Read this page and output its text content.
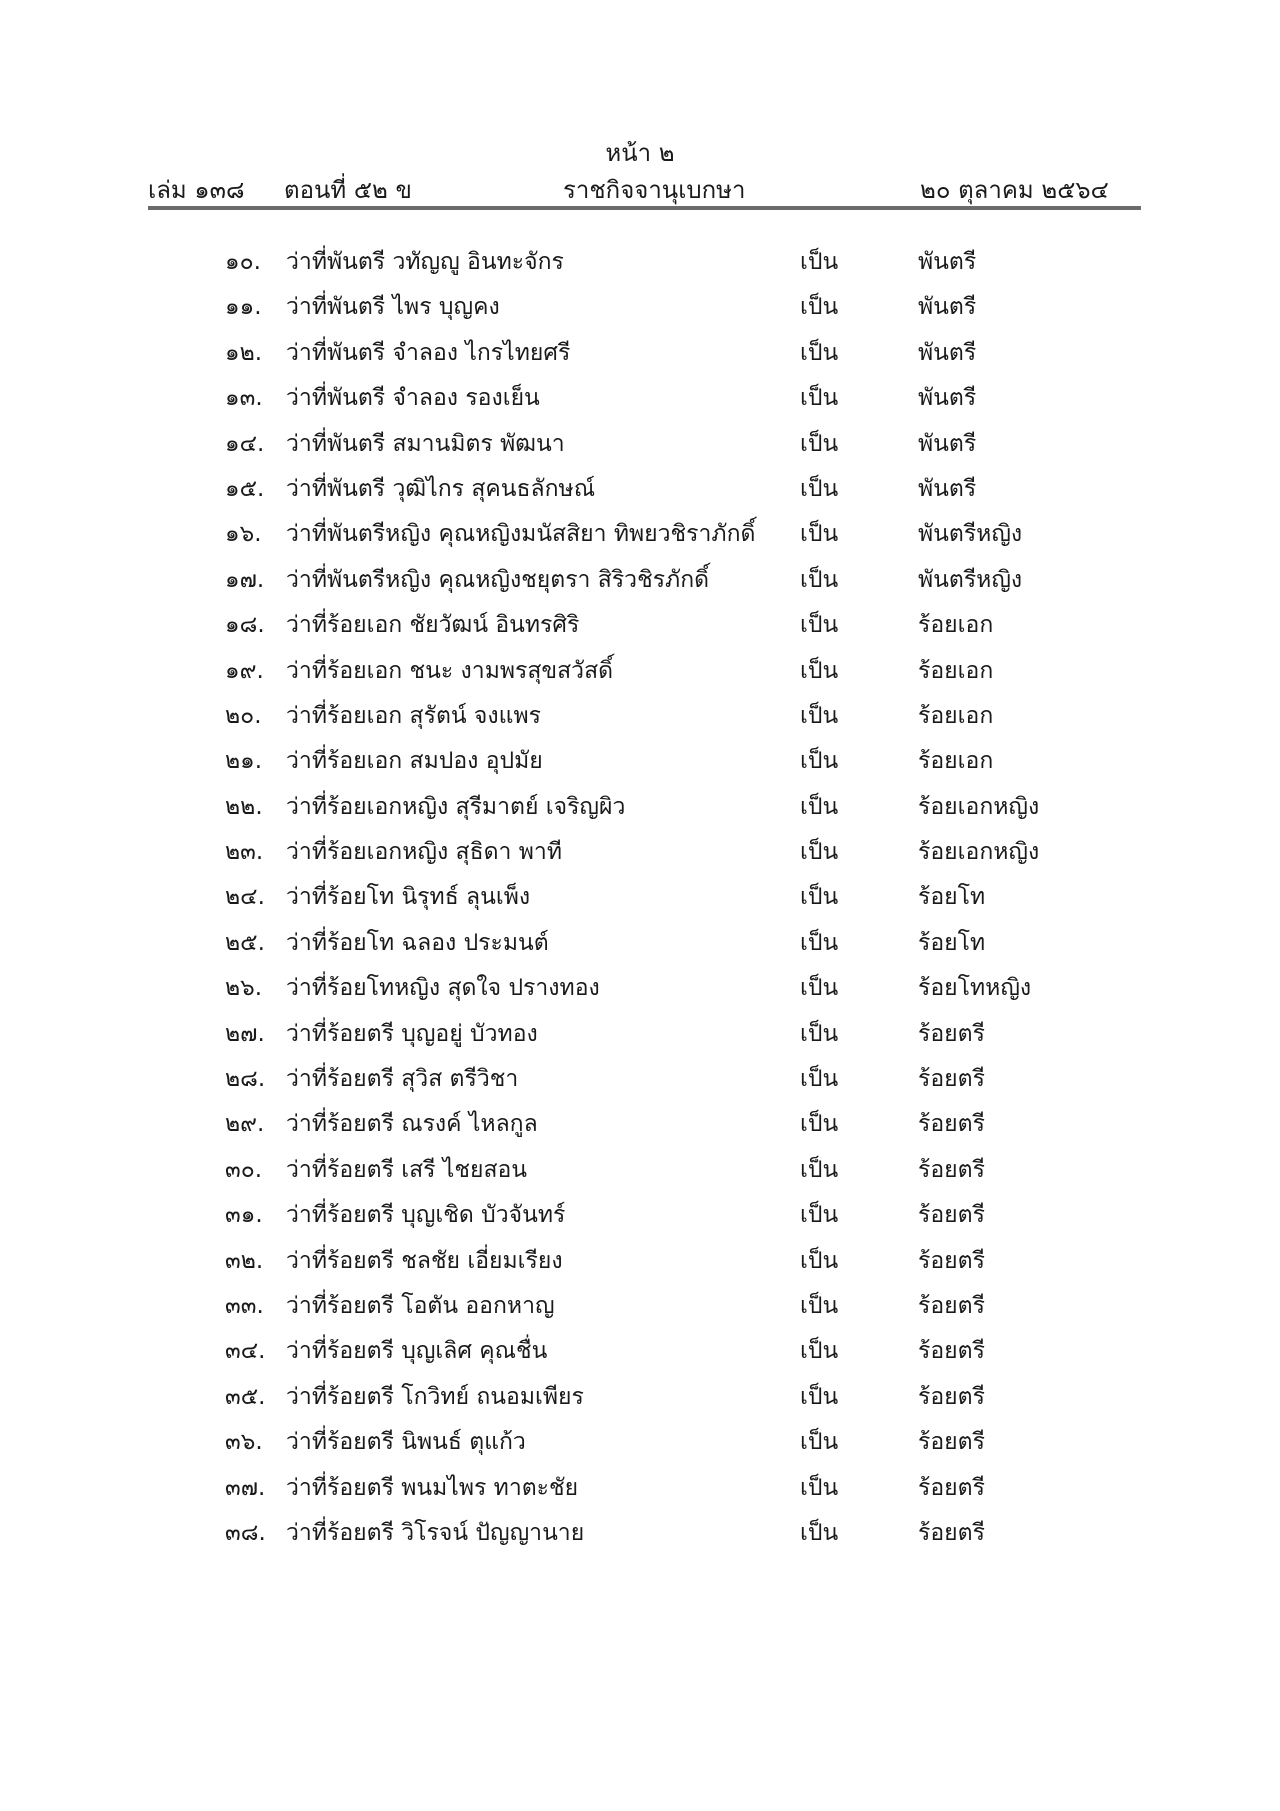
หน้า ๒
เล่ม ๑๓๘ ตอนที่ ๕๒ ข	ราชกิจจานุเบกษา	๒๐ ตุลาคม ๒๕๖๔
๑๐. ว่าที่พันตรี วทัญญู อินทะจักร	เป็น	พันตรี
๑๑. ว่าที่พันตรี ไพร บุญคง	เป็น	พันตรี
๑๒. ว่าที่พันตรี จำลอง ไกรไทยศรี	เป็น	พันตรี
๑๓. ว่าที่พันตรี จำลอง รองเย็น	เป็น	พันตรี
๑๔. ว่าที่พันตรี สมานมิตร พัฒนา	เป็น	พันตรี
๑๕. ว่าที่พันตรี วุฒิไกร สุคนธลักษณ์	เป็น	พันตรี
๑๖. ว่าที่พันตรีหญิง คุณหญิงมนัสสิยา ทิพยวชิราภักดิ์ เป็น	พันตรีหญิง
๑๗. ว่าที่พันตรีหญิง คุณหญิงชยุตรา สิริวชิรภักดิ์	เป็น	พันตรีหญิง
๑๘. ว่าที่ร้อยเอก ชัยวัฒน์ อินทรศิริ	เป็น	ร้อยเอก
๑๙. ว่าที่ร้อยเอก ชนะ งามพรสุขสวัสดิ์	เป็น	ร้อยเอก
๒๐. ว่าที่ร้อยเอก สุรัตน์ จงแพร	เป็น	ร้อยเอก
๒๑. ว่าที่ร้อยเอก สมปอง อุปมัย	เป็น	ร้อยเอก
๒๒. ว่าที่ร้อยเอกหญิง สุรีมาตย์ เจริญผิว	เป็น	ร้อยเอกหญิง
๒๓. ว่าที่ร้อยเอกหญิง สุธิดา พาที	เป็น	ร้อยเอกหญิง
๒๔. ว่าที่ร้อยโท นิรุทธ์ ลุนเพ็ง	เป็น	ร้อยโท
๒๕. ว่าที่ร้อยโท ฉลอง ประมนต์	เป็น	ร้อยโท
๒๖. ว่าที่ร้อยโทหญิง สุดใจ ปรางทอง	เป็น	ร้อยโทหญิง
๒๗. ว่าที่ร้อยตรี บุญอยู่ บัวทอง	เป็น	ร้อยตรี
๒๘. ว่าที่ร้อยตรี สุวิส ตรีวิชา	เป็น	ร้อยตรี
๒๙. ว่าที่ร้อยตรี ณรงค์ ไหลกูล	เป็น	ร้อยตรี
๓๐. ว่าที่ร้อยตรี เสรี ไชยสอน	เป็น	ร้อยตรี
๓๑. ว่าที่ร้อยตรี บุญเชิด บัวจันทร์	เป็น	ร้อยตรี
๓๒. ว่าที่ร้อยตรี ชลชัย เอี่ยมเรียง	เป็น	ร้อยตรี
๓๓. ว่าที่ร้อยตรี โอตัน ออกหาญ	เป็น	ร้อยตรี
๓๔. ว่าที่ร้อยตรี บุญเลิศ คุณชื่น	เป็น	ร้อยตรี
๓๕. ว่าที่ร้อยตรี โกวิทย์ ถนอมเพียร	เป็น	ร้อยตรี
๓๖. ว่าที่ร้อยตรี นิพนธ์ ตุแก้ว	เป็น	ร้อยตรี
๓๗. ว่าที่ร้อยตรี พนมไพร ทาตะชัย	เป็น	ร้อยตรี
๓๘. ว่าที่ร้อยตรี วิโรจน์ ปัญญานาย	เป็น	ร้อยตรี
